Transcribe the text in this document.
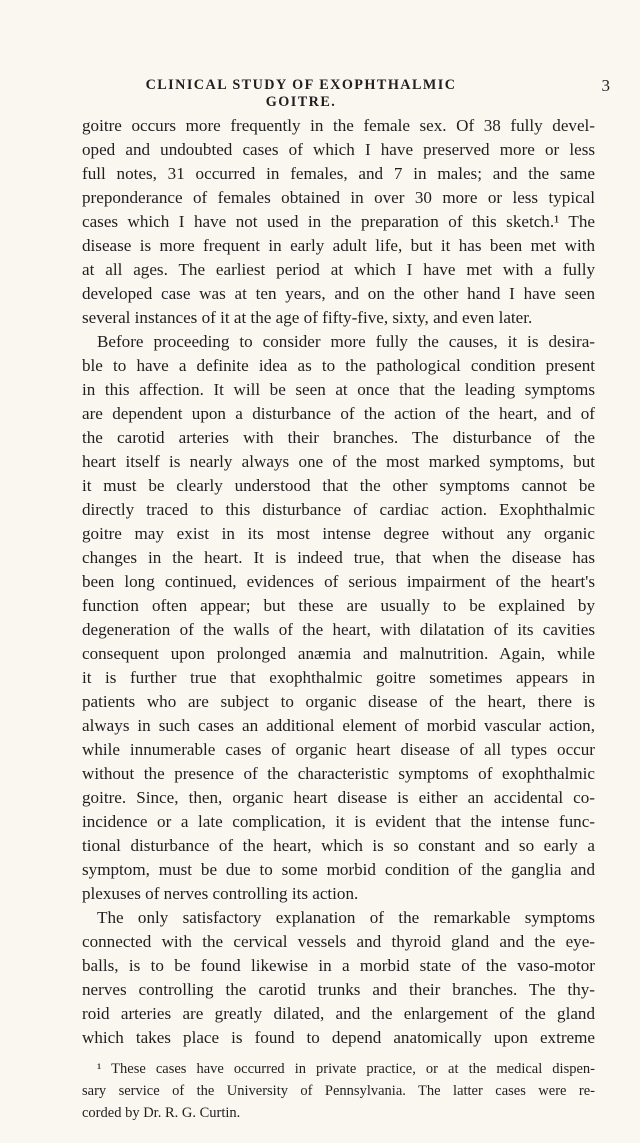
CLINICAL STUDY OF EXOPHTHALMIC GOITRE.
3
goitre occurs more frequently in the female sex. Of 38 fully devel-
oped and undoubted cases of which I have preserved more or less
full notes, 31 occurred in females, and 7 in males; and the same
preponderance of females obtained in over 30 more or less typical
cases which I have not used in the preparation of this sketch.¹ The
disease is more frequent in early adult life, but it has been met with
at all ages. The earliest period at which I have met with a fully
developed case was at ten years, and on the other hand I have seen
several instances of it at the age of fifty-five, sixty, and even later.
Before proceeding to consider more fully the causes, it is desira-
ble to have a definite idea as to the pathological condition present
in this affection. It will be seen at once that the leading symptoms
are dependent upon a disturbance of the action of the heart, and of
the carotid arteries with their branches. The disturbance of the
heart itself is nearly always one of the most marked symptoms, but
it must be clearly understood that the other symptoms cannot be
directly traced to this disturbance of cardiac action. Exophthalmic
goitre may exist in its most intense degree without any organic
changes in the heart. It is indeed true, that when the disease has
been long continued, evidences of serious impairment of the heart's
function often appear; but these are usually to be explained by
degeneration of the walls of the heart, with dilatation of its cavities
consequent upon prolonged anæmia and malnutrition. Again, while
it is further true that exophthalmic goitre sometimes appears in
patients who are subject to organic disease of the heart, there is
always in such cases an additional element of morbid vascular action,
while innumerable cases of organic heart disease of all types occur
without the presence of the characteristic symptoms of exophthalmic
goitre. Since, then, organic heart disease is either an accidental co-
incidence or a late complication, it is evident that the intense func-
tional disturbance of the heart, which is so constant and so early a
symptom, must be due to some morbid condition of the ganglia and
plexuses of nerves controlling its action.
The only satisfactory explanation of the remarkable symptoms
connected with the cervical vessels and thyroid gland and the eye-
balls, is to be found likewise in a morbid state of the vaso-motor
nerves controlling the carotid trunks and their branches. The thy-
roid arteries are greatly dilated, and the enlargement of the gland
which takes place is found to depend anatomically upon extreme
¹ These cases have occurred in private practice, or at the medical dispen-
sary service of the University of Pennsylvania. The latter cases were re-
corded by Dr. R. G. Curtin.
